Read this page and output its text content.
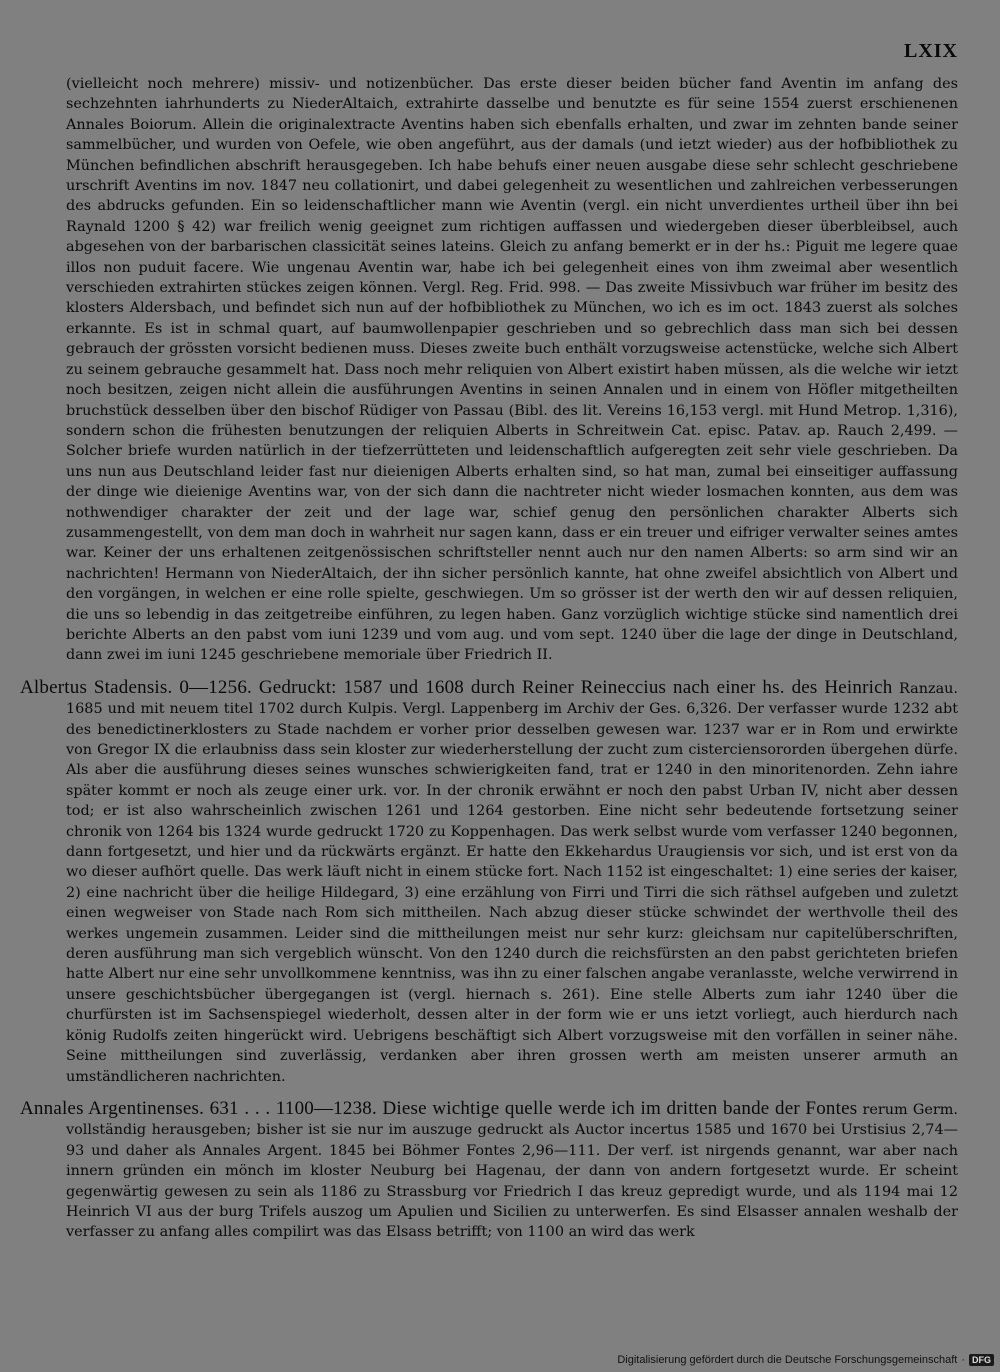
LXIX

(vielleicht noch mehrere) missiv- und notizenbücher. Das erste dieser beiden bücher fand Aventin im anfang des sechzehnten iahrhunderts zu NiederAltaich, extrahirte dasselbe und benutzte es für seine 1554 zuerst erschienenen Annales Boiorum. Allein die originalextracte Aventins haben sich ebenfalls erhalten, und zwar im zehnten bande seiner sammelbücher, und wurden von Oefele, wie oben angeführt, aus der damals (und ietzt wieder) aus der hofbibliothek zu München befindlichen abschrift herausgegeben. Ich habe behufs einer neuen ausgabe diese sehr schlecht geschriebene urschrift Aventins im nov. 1847 neu collationirt, und dabei gelegenheit zu wesentlichen und zahlreichen verbesserungen des abdrucks gefunden. Ein so leidenschaftlicher mann wie Aventin (vergl. ein nicht unverdientes urtheil über ihn bei Raynald 1200 § 42) war freilich wenig geeignet zum richtigen auffassen und wiedergeben dieser überbleibsel, auch abgesehen von der barbarischen classicität seines lateins. Gleich zu anfang bemerkt er in der hs.: Piguit me legere quae illos non puduit facere. Wie ungenau Aventin war, habe ich bei gelegenheit eines von ihm zweimal aber wesentlich verschieden extrahirten stückes zeigen können. Vergl. Reg. Frid. 998. — Das zweite Missivbuch war früher im besitz des klosters Aldersbach, und befindet sich nun auf der hofbibliothek zu München, wo ich es im oct. 1843 zuerst als solches erkannte. Es ist in schmal quart, auf baumwollenpapier geschrieben und so gebrechlich dass man sich bei dessen gebrauch der grössten vorsicht bedienen muss. Dieses zweite buch enthält vorzugsweise actenstücke, welche sich Albert zu seinem gebrauche gesammelt hat. Dass noch mehr reliquien von Albert existirt haben müssen, als die welche wir ietzt noch besitzen, zeigen nicht allein die ausführungen Aventins in seinen Annalen und in einem von Höfler mitgetheilten bruchstück desselben über den bischof Rüdiger von Passau (Bibl. des lit. Vereins 16,153 vergl. mit Hund Metrop. 1,316), sondern schon die frühesten benutzungen der reliquien Alberts in Schreitwein Cat. episc. Patav. ap. Rauch 2,499. — Solcher briefe wurden natürlich in der tiefzerrütteten und leidenschaftlich aufgeregten zeit sehr viele geschrieben. Da uns nun aus Deutschland leider fast nur dieienigen Alberts erhalten sind, so hat man, zumal bei einseitiger auffassung der dinge wie dieienige Aventins war, von der sich dann die nachtreter nicht wieder losmachen konnten, aus dem was nothwendiger charakter der zeit und der lage war, schief genug den persönlichen charakter Alberts sich zusammengestellt, von dem man doch in wahrheit nur sagen kann, dass er ein treuer und eifriger verwalter seines amtes war. Keiner der uns erhaltenen zeitgenössischen schriftsteller nennt auch nur den namen Alberts: so arm sind wir an nachrichten! Hermann von NiederAltaich, der ihn sicher persönlich kannte, hat ohne zweifel absichtlich von Albert und den vorgängen, in welchen er eine rolle spielte, geschwiegen. Um so grösser ist der werth den wir auf dessen reliquien, die uns so lebendig in das zeitgetreibe einführen, zu legen haben. Ganz vorzüglich wichtige stücke sind namentlich drei berichte Alberts an den pabst vom iuni 1239 und vom aug. und vom sept. 1240 über die lage der dinge in Deutschland, dann zwei im iuni 1245 geschriebene memoriale über Friedrich II.

Albertus Stadensis. 0—1256. Gedruckt: 1587 und 1608 durch Reiner Reineccius nach einer hs. des Heinrich Ranzau. 1685 und mit neuem titel 1702 durch Kulpis. Vergl. Lappenberg im Archiv der Ges. 6,326. Der verfasser wurde 1232 abt des benedictinerklosters zu Stade nachdem er vorher prior desselben gewesen war. 1237 war er in Rom und erwirkte von Gregor IX die erlaubniss dass sein kloster zur wiederherstellung der zucht zum cisterciensororden übergehen dürfe. Als aber die ausführung dieses seines wunsches schwierigkeiten fand, trat er 1240 in den minoritenorden. Zehn iahre später kommt er noch als zeuge einer urk. vor. In der chronik erwähnt er noch den pabst Urban IV, nicht aber dessen tod; er ist also wahrscheinlich zwischen 1261 und 1264 gestorben. Eine nicht sehr bedeutende fortsetzung seiner chronik von 1264 bis 1324 wurde gedruckt 1720 zu Koppenhagen. Das werk selbst wurde vom verfasser 1240 begonnen, dann fortgesetzt, und hier und da rückwärts ergänzt. Er hatte den Ekkehardus Uraugiensis vor sich, und ist erst von da wo dieser aufhört quelle. Das werk läuft nicht in einem stücke fort. Nach 1152 ist eingeschaltet: 1) eine series der kaiser, 2) eine nachricht über die heilige Hildegard, 3) eine erzählung von Firri und Tirri die sich räthsel aufgeben und zuletzt einen wegweiser von Stade nach Rom sich mittheilen. Nach abzug dieser stücke schwindet der werthvolle theil des werkes ungemein zusammen. Leider sind die mittheilungen meist nur sehr kurz: gleichsam nur capitelüberschriften, deren ausführung man sich vergeblich wünscht. Von den 1240 durch die reichsfürsten an den pabst gerichteten briefen hatte Albert nur eine sehr unvollkommene kenntniss, was ihn zu einer falschen angabe veranlasste, welche verwirrend in unsere geschichtsbücher übergegangen ist (vergl. hiernach s. 261). Eine stelle Alberts zum iahr 1240 über die churfürsten ist im Sachsenspiegel wiederholt, dessen alter in der form wie er uns ietzt vorliegt, auch hierdurch nach könig Rudolfs zeiten hingerückt wird. Uebrigens beschäftigt sich Albert vorzugsweise mit den vorfällen in seiner nähe. Seine mittheilungen sind zuverlässig, verdanken aber ihren grossen werth am meisten unserer armuth an umständlicheren nachrichten.

Annales Argentinenses. 631 . . . 1100—1238. Diese wichtige quelle werde ich im dritten bande der Fontes rerum Germ. vollständig herausgeben; bisher ist sie nur im auszuge gedruckt als Auctor incertus 1585 und 1670 bei Urstisius 2,74—93 und daher als Annales Argent. 1845 bei Böhmer Fontes 2,96—111. Der verf. ist nirgends genannt, war aber nach innern gründen ein mönch im kloster Neuburg bei Hagenau, der dann von andern fortgesetzt wurde. Er scheint gegenwärtig gewesen zu sein als 1186 zu Strassburg vor Friedrich I das kreuz gepredigt wurde, und als 1194 mai 12 Heinrich VI aus der burg Trifels auszog um Apulien und Sicilien zu unterwerfen. Es sind Elsasser annalen weshalb der verfasser zu anfang alles compilirt was das Elsass betrifft; von 1100 an wird das werk

Digitalisierung gefördert durch die Deutsche Forschungsgemeinschaft · DFG
